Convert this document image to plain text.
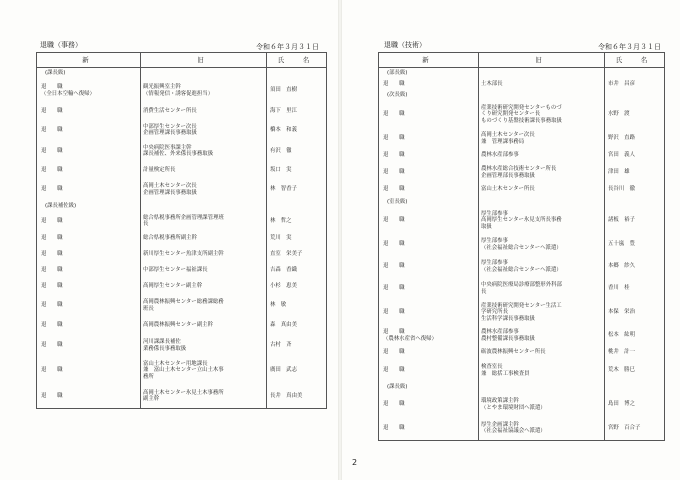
退職（事務）	令和６年３月３１日
新	旧	氏　名
(課長級)		

退　　職
（全日本空輸へ復帰）	観光振興室主幹
（情報発信・誘客促進担当）	須田　直樹

退　　職	消費生活センター所長	海下　里江

退　　職	中部厚生センター次長
企画管理課長事務取扱	橋本　和義

退　　職	中央病院医事課主幹
課長補佐、外来係長事務取扱	有沢　徹

退　　職	計量検定所長	坂口　実

退　　職	高岡土木センター次長
企画管理課長事務取扱	林　智香子
(課長補佐級)		

退　　職	総合県税事務所企画管理課管理班
長	林　哲之

退　　職	総合県税事務所副主幹	荒川　実

退　　職	新川厚生センター魚津支所副主幹	直室　栄美子

退　　職	中部厚生センター福祉課長	吉森　香織

退　　職	高岡厚生センター副主幹	小杉　恵美

退　　職	高岡農林振興センター総務課総務
班長	林　敏

退　　職	高岡農林振興センター副主幹	森　真由美

退　　職	河川課課長補佐
業務係長事務取扱	古村　斉

退　　職	富山土木センター用地課長
兼　富山土木センター立山土木事
務所	廣田　武志

退　　職	高岡土木センター氷見土木事務所
副主幹	長井　真由美
退職（技術）	令和６年３月３１日
新	旧	氏　名
(部長級)		

退　　職	土木部長	市井　昌彦
(次長級)		

退　　職	産業技術研究開発センターものづ
くり研究開発センター長
ものづくり基盤技術課長事務取扱	水野　渡

退　　職	高岡土木センター次長
兼　管理課事務局	野沢　直路

退　　職	農林水産部参事	宮田　義人

退　　職	農林水産総合技術センター所長
企画管理部長事務取扱	津田　雄

退　　職	富山土木センター所長	長谷川　徹
(室長級)		

退　　職	厚生部参事
高岡厚生センター氷見支所長事務
取扱	諸板　裕子

退　　職	厚生部参事
（社会福祉総合センターへ派遣）	五十嵐　豊

退　　職	厚生部参事
（社会福祉総合センターへ派遣）	本郷　紗久

退　　職	中央病院医療局診療部整形外科部
長	香川　桂

退　　職	産業技術研究開発センター生活工
学研究所長
生活科学課長事務取扱	本保　栄治

退　　職
（農林水産省へ復帰）	農林水産部参事
農村整備課長事務取扱	松本　紘明

退　　職	砺波農林振興センター所長	桃井　計一

退　　職	検査室長
兼　総括工事検査員	荒木　勝巳
(課長級)		

退　　職	環境政策課主幹
（とやま環境財団へ派遣）	島田　博之

退　　職	厚生企画課主幹
（社会福祉協議会へ派遣）	宮野　百合子
2
